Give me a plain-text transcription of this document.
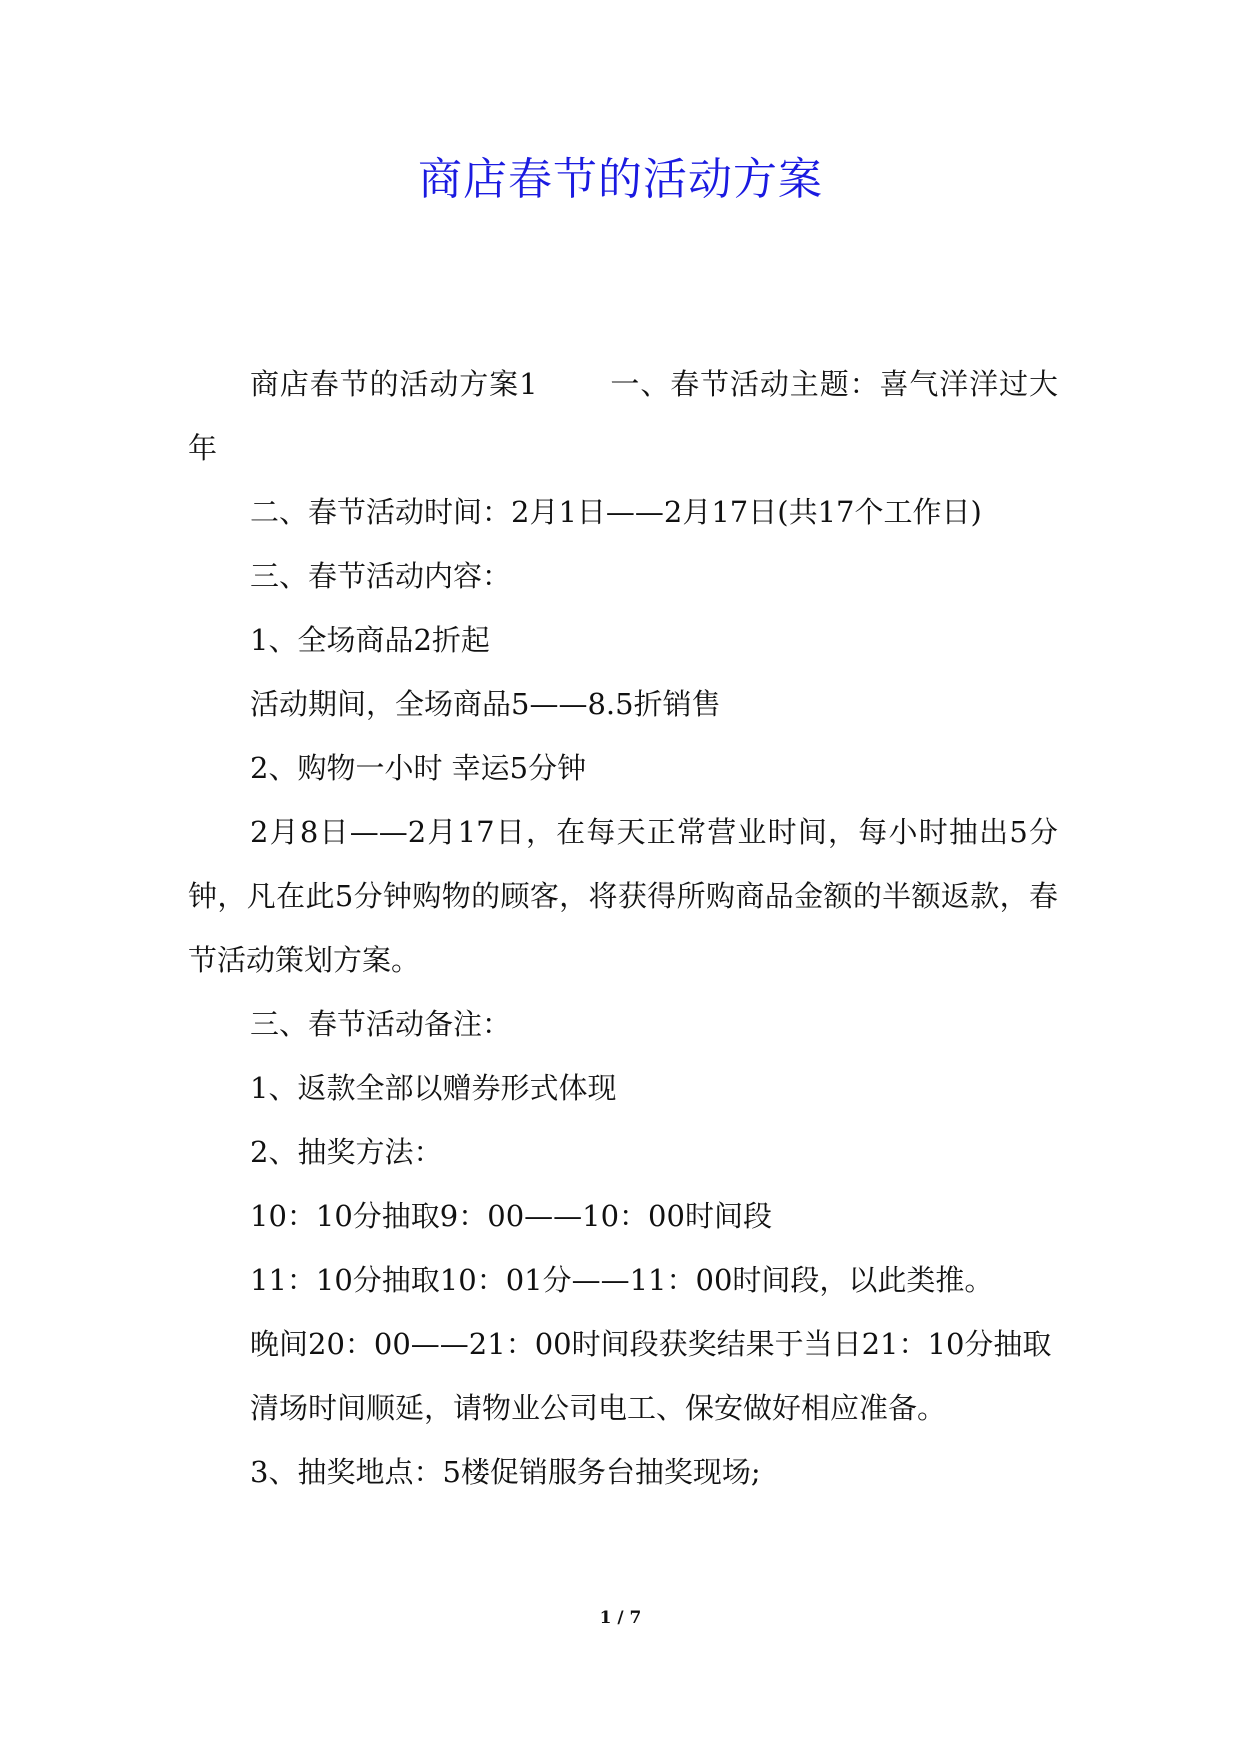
商店春节的活动方案

商店春节的活动方案1 一、春节活动主题：喜气洋洋过大年

二、春节活动时间：2月1日——2月17日(共17个工作日)

三、春节活动内容：

1、全场商品2折起

活动期间，全场商品5——8.5折销售

2、购物一小时 幸运5分钟

2月8日——2月17日，在每天正常营业时间，每小时抽出5分钟，凡在此5分钟购物的顾客，将获得所购商品金额的半额返款，春节活动策划方案。

三、春节活动备注：

1、返款全部以赠券形式体现

2、抽奖方法：

10：10分抽取9：00——10：00时间段

11：10分抽取10：01分——11：00时间段，以此类推。

晚间20：00——21：00时间段获奖结果于当日21：10分抽取

清场时间顺延，请物业公司电工、保安做好相应准备。

3、抽奖地点：5楼促销服务台抽奖现场;

1 / 7
